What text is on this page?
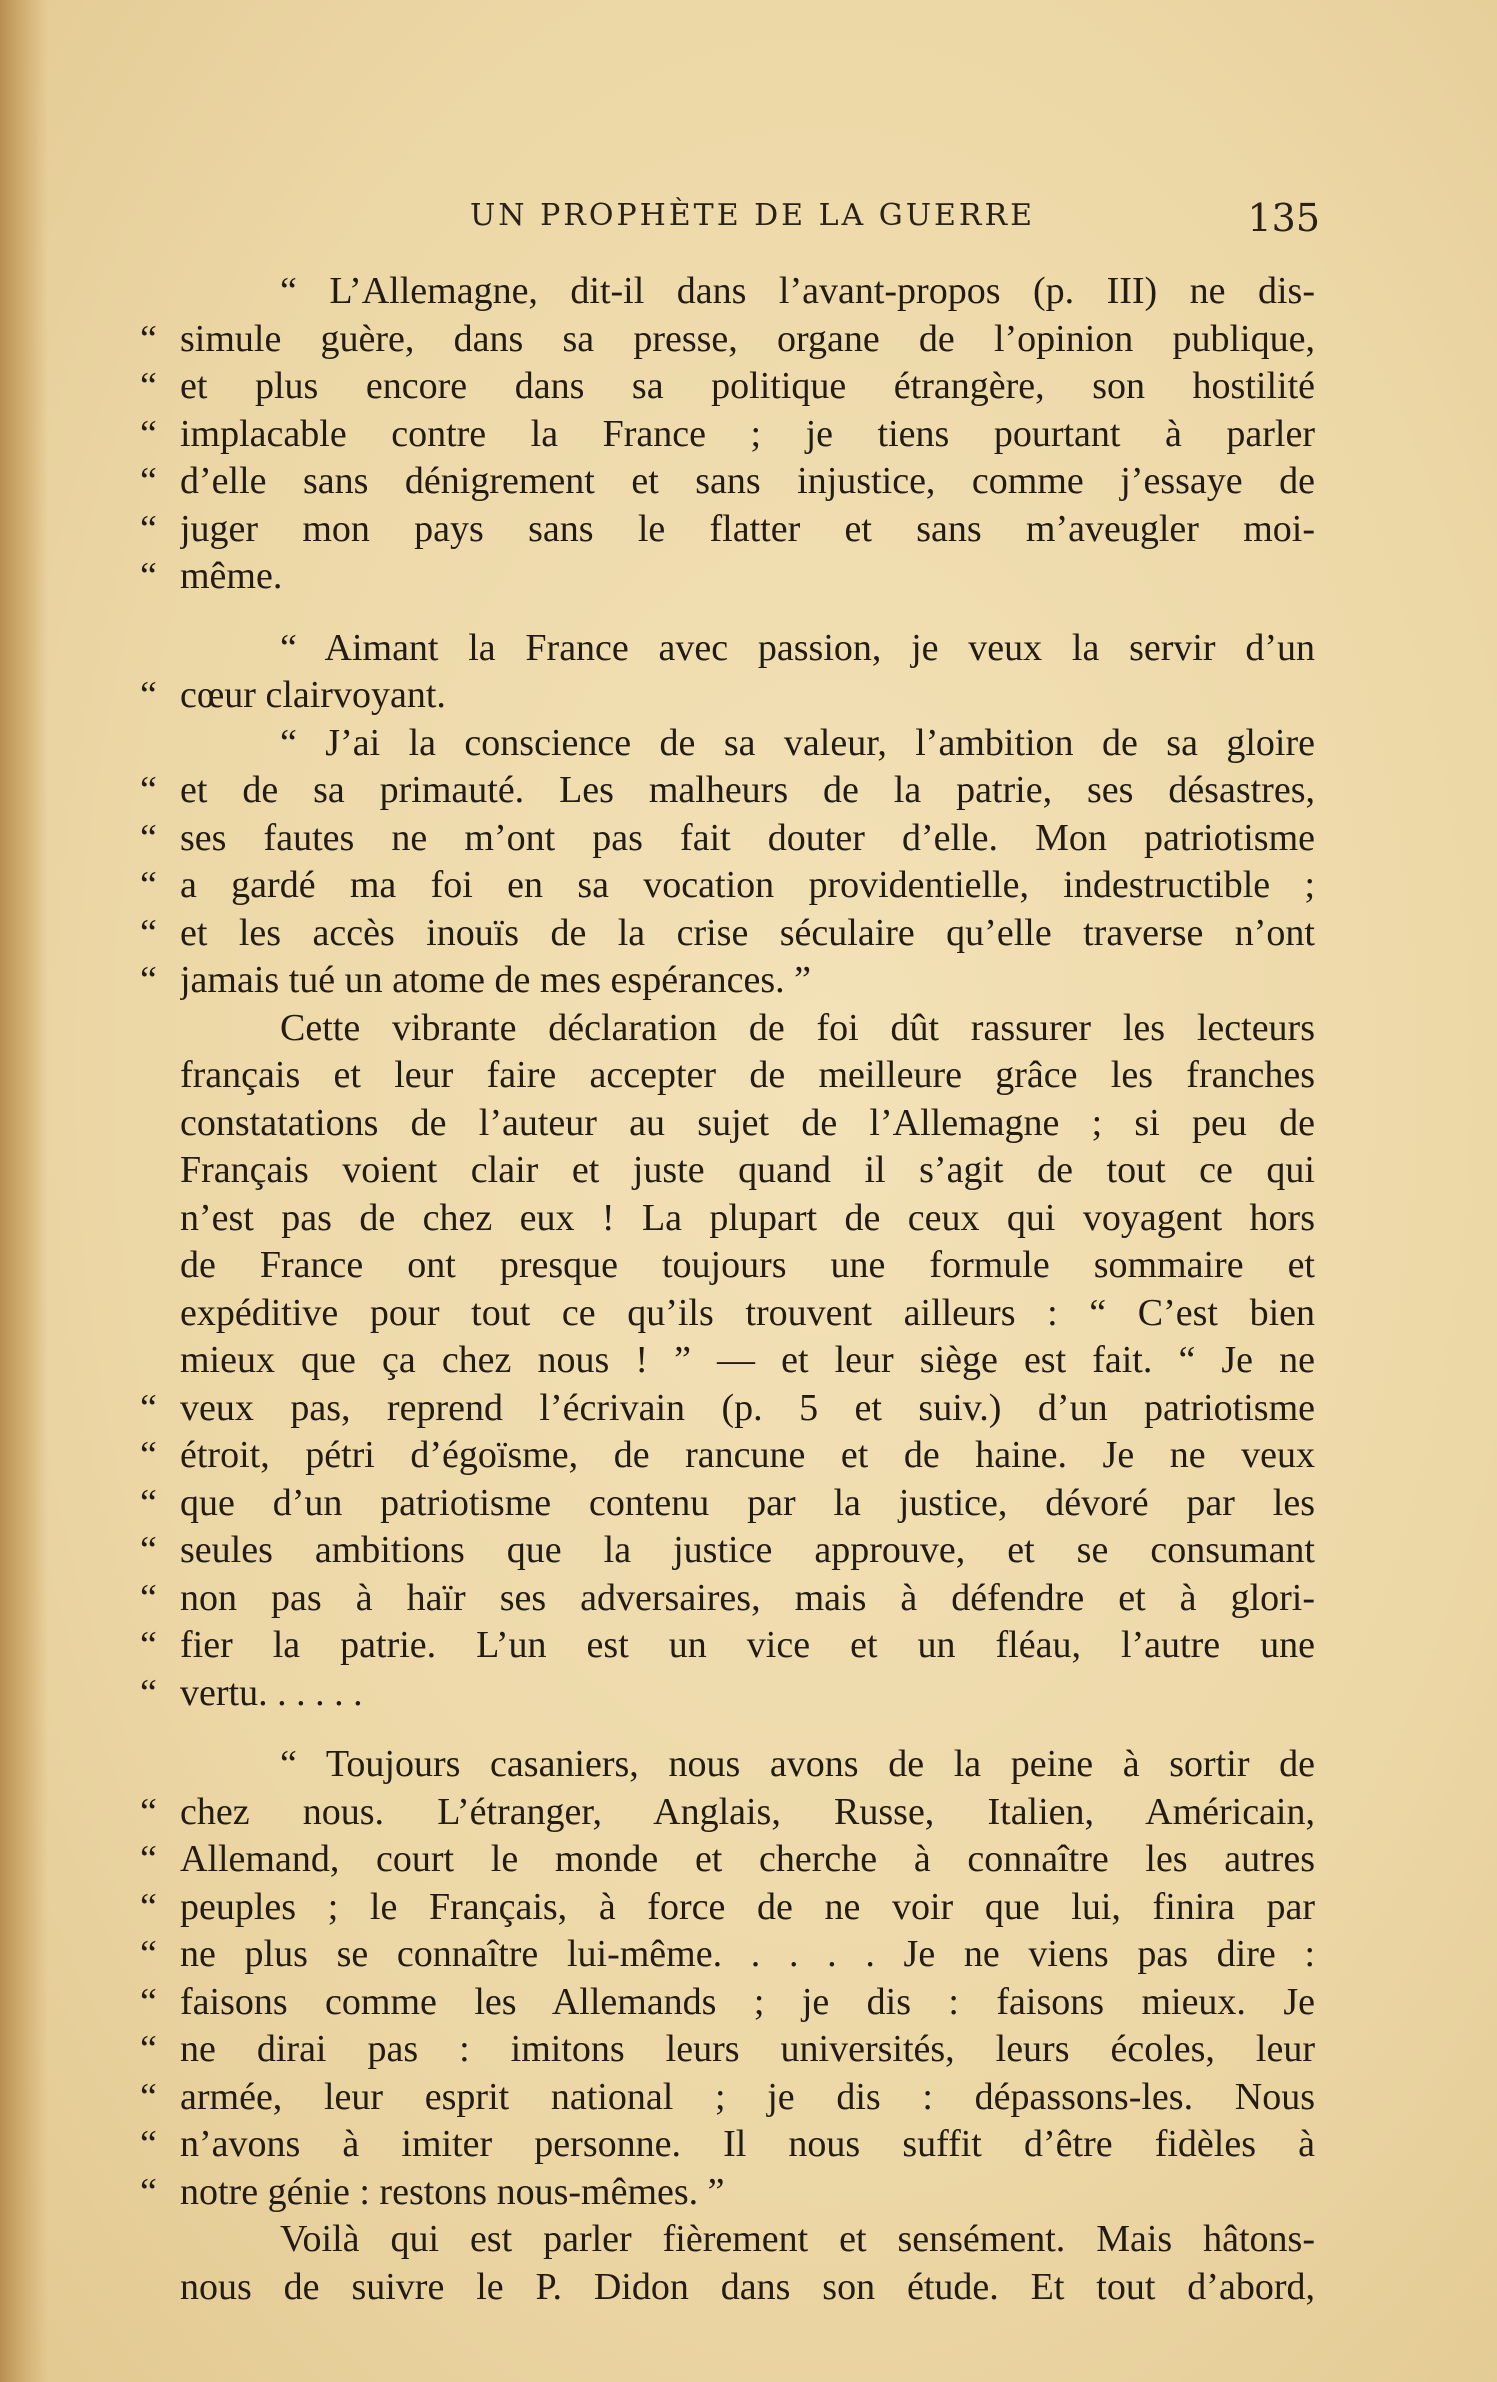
UN PROPHÈTE DE LA GUERRE	135
“ L’Allemagne, dit-il dans l’avant-propos (p. III) ne dis-
“ simule guère, dans sa presse, organe de l’opinion publique,
“ et plus encore dans sa politique étrangère, son hostilité
“ implacable contre la France ; je tiens pourtant à parler
“ d’elle sans dénigrement et sans injustice, comme j’essaye de
“ juger mon pays sans le flatter et sans m’aveugler moi-
“ même.
“ Aimant la France avec passion, je veux la servir d’un
“ cœur clairvoyant.
“ J’ai la conscience de sa valeur, l’ambition de sa gloire
“ et de sa primauté. Les malheurs de la patrie, ses désastres,
“ ses fautes ne m’ont pas fait douter d’elle. Mon patriotisme
“ a gardé ma foi en sa vocation providentielle, indestructible ;
“ et les accès inouïs de la crise séculaire qu’elle traverse n’ont
“ jamais tué un atome de mes espérances. ”
Cette vibrante déclaration de foi dût rassurer les lecteurs
français et leur faire accepter de meilleure grâce les franches
constatations de l’auteur au sujet de l’Allemagne ; si peu de
Français voient clair et juste quand il s’agit de tout ce qui
n’est pas de chez eux ! La plupart de ceux qui voyagent hors
de France ont presque toujours une formule sommaire et
expéditive pour tout ce qu’ils trouvent ailleurs : “ C’est bien
mieux que ça chez nous ! ” — et leur siège est fait. “ Je ne
“ veux pas, reprend l’écrivain (p. 5 et suiv.) d’un patriotisme
“ étroit, pétri d’égoïsme, de rancune et de haine. Je ne veux
“ que d’un patriotisme contenu par la justice, dévoré par les
“ seules ambitions que la justice approuve, et se consumant
“ non pas à haïr ses adversaires, mais à défendre et à glori-
“ fier la patrie. L’un est un vice et un fléau, l’autre une
“ vertu. . . . . .
“ Toujours casaniers, nous avons de la peine à sortir de
“ chez nous. L’étranger, Anglais, Russe, Italien, Américain,
“ Allemand, court le monde et cherche à connaître les autres
“ peuples ; le Français, à force de ne voir que lui, finira par
“ ne plus se connaître lui-même. . . . . Je ne viens pas dire :
“ faisons comme les Allemands ; je dis : faisons mieux. Je
“ ne dirai pas : imitons leurs universités, leurs écoles, leur
“ armée, leur esprit national ; je dis : dépassons-les. Nous
“ n’avons à imiter personne. Il nous suffit d’être fidèles à
“ notre génie : restons nous-mêmes. ”
Voilà qui est parler fièrement et sensément. Mais hâtons-
nous de suivre le P. Didon dans son étude. Et tout d’abord,
